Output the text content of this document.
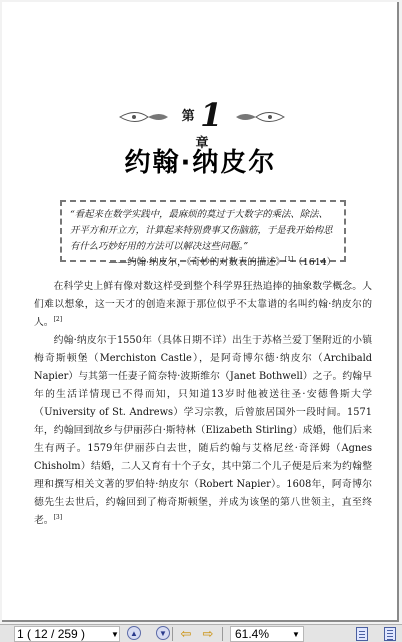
$^第$ 1 $^章$
约翰·纳皮尔
“看起来在数学实践中，最麻烦的莫过于大数字的乘法、除法、开平方和开立方，计算起来特别费事又伤脑筋，于是我开始构思有什么巧妙好用的方法可以解决这些问题。”
——约翰·纳皮尔，《奇妙的对数表的描述》[1]（1614）

在科学史上鲜有像对数这样受到整个科学界狂热追捧的抽象数学概念。人们难以想象，这一天才的创造来源于那位似乎不太靠谱的名叫约翰·纳皮尔的人。[2]

约翰·纳皮尔于1550年（具体日期不详）出生于苏格兰爱丁堡附近的小镇梅奇斯顿堡（Merchiston Castle），是阿奇博尔德·纳皮尔（Archibald Napier）与其第一任妻子简奈特·波斯维尔（Janet Bothwell）之子。约翰早年的生活详情现已不得而知，只知道13岁时他被送往圣·安德鲁斯大学（University of St. Andrews）学习宗教，后曾旅居国外一段时间。1571年，约翰回到故乡与伊丽莎白·斯特林（Elizabeth Stirling）成婚，他们后来生有两子。1579年伊丽莎白去世，随后约翰与艾格尼丝·奇泽姆（Agnes Chisholm）结婚，二人又育有十个子女，其中第二个儿子便是后来为约翰整理和撰写相关文著的罗伯特·纳皮尔（Robert Napier）。1608年，阿奇博尔德先生去世后，约翰回到了梅奇斯顿堡，并成为该堡的第八世领主，直至终老。[3]

1 ( 12 / 259 )	▼ ▲	▼ ⇦ ⇨	61.4%	▼
